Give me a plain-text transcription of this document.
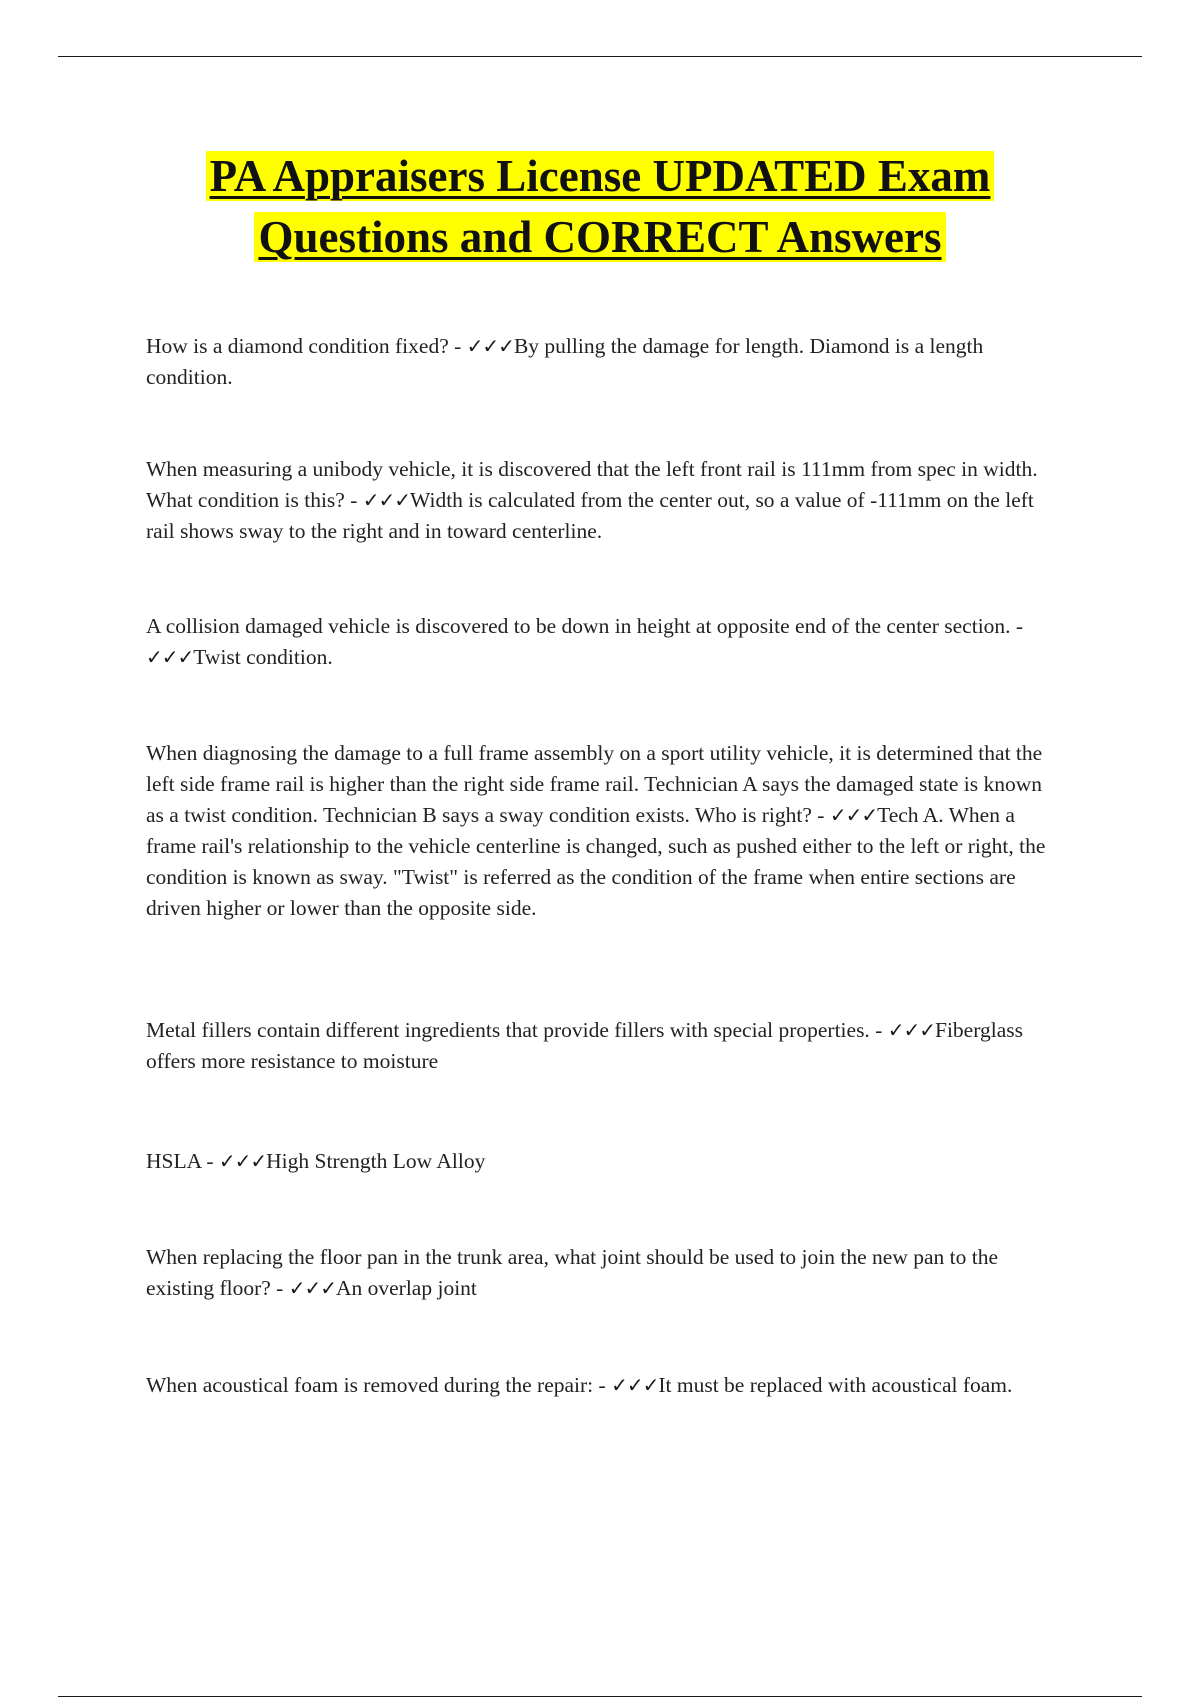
PA Appraisers License UPDATED Exam
Questions and CORRECT Answers

How is a diamond condition fixed? - ✓✓✓By pulling the damage for length. Diamond is a length condition.

When measuring a unibody vehicle, it is discovered that the left front rail is 111mm from spec in width. What condition is this? - ✓✓✓Width is calculated from the center out, so a value of -111mm on the left rail shows sway to the right and in toward centerline.

A collision damaged vehicle is discovered to be down in height at opposite end of the center section. - ✓✓✓Twist condition.

When diagnosing the damage to a full frame assembly on a sport utility vehicle, it is determined that the left side frame rail is higher than the right side frame rail. Technician A says the damaged state is known as a twist condition. Technician B says a sway condition exists. Who is right? - ✓✓✓Tech A. When a frame rail's relationship to the vehicle centerline is changed, such as pushed either to the left or right, the condition is known as sway. "Twist" is referred as the condition of the frame when entire sections are driven higher or lower than the opposite side.

Metal fillers contain different ingredients that provide fillers with special properties. - ✓✓✓Fiberglass offers more resistance to moisture

HSLA - ✓✓✓High Strength Low Alloy

When replacing the floor pan in the trunk area, what joint should be used to join the new pan to the existing floor? - ✓✓✓An overlap joint

When acoustical foam is removed during the repair: - ✓✓✓It must be replaced with acoustical foam.
